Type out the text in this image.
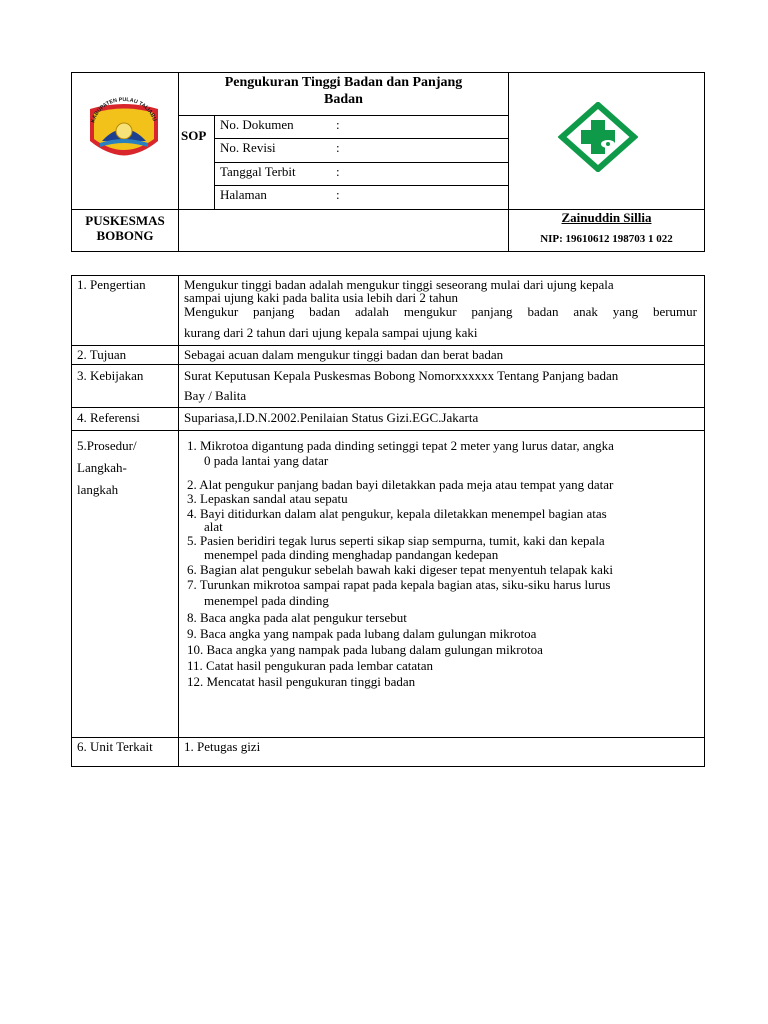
Pengukuran Tinggi Badan dan Panjang
Badan
SOP
No. Dokumen	:
No. Revisi	:
Tanggal Terbit	:
Halaman	:
PUSKESMAS
BOBONG
Zainuddin Sillia
NIP: 19610612 198703 1 022
KABUPATEN PULAU TALIABU
1. Pengertian	Mengukur tinggi badan adalah mengukur tinggi seseorang mulai dari ujung kepala
sampai ujung kaki pada balita usia lebih dari 2 tahun
Mengukur panjang badan adalah mengukur panjang badan anak yang berumur
kurang dari 2 tahun dari ujung kepala sampai ujung kaki
2. Tujuan	Sebagai acuan dalam mengukur tinggi badan dan berat badan
3. Kebijakan	Surat Keputusan Kepala Puskesmas Bobong Nomorxxxxxx Tentang Panjang badan
Bay / Balita
4. Referensi	Supariasa,I.D.N.2002.Penilaian Status Gizi.EGC.Jakarta
5.Prosedur/
Langkah-
langkah
1. Mikrotoa digantung pada dinding setinggi tepat 2 meter yang lurus datar, angka
0 pada lantai yang datar
2. Alat pengukur panjang badan bayi diletakkan pada meja atau tempat yang datar
3. Lepaskan sandal atau sepatu
4. Bayi ditidurkan dalam alat pengukur, kepala diletakkan menempel bagian atas
alat
5. Pasien beridiri tegak lurus seperti sikap siap sempurna, tumit, kaki dan kepala
menempel pada dinding menghadap pandangan kedepan
6. Bagian alat pengukur sebelah bawah kaki digeser tepat menyentuh telapak kaki
7. Turunkan mikrotoa sampai rapat pada kepala bagian atas, siku-siku harus lurus
menempel pada dinding
8. Baca angka pada alat pengukur tersebut
9. Baca angka yang nampak pada lubang dalam gulungan mikrotoa
10. Baca angka yang nampak pada lubang dalam gulungan mikrotoa
11. Catat hasil pengukuran pada lembar catatan
12. Mencatat hasil pengukuran tinggi badan
6. Unit Terkait 1. Petugas gizi
